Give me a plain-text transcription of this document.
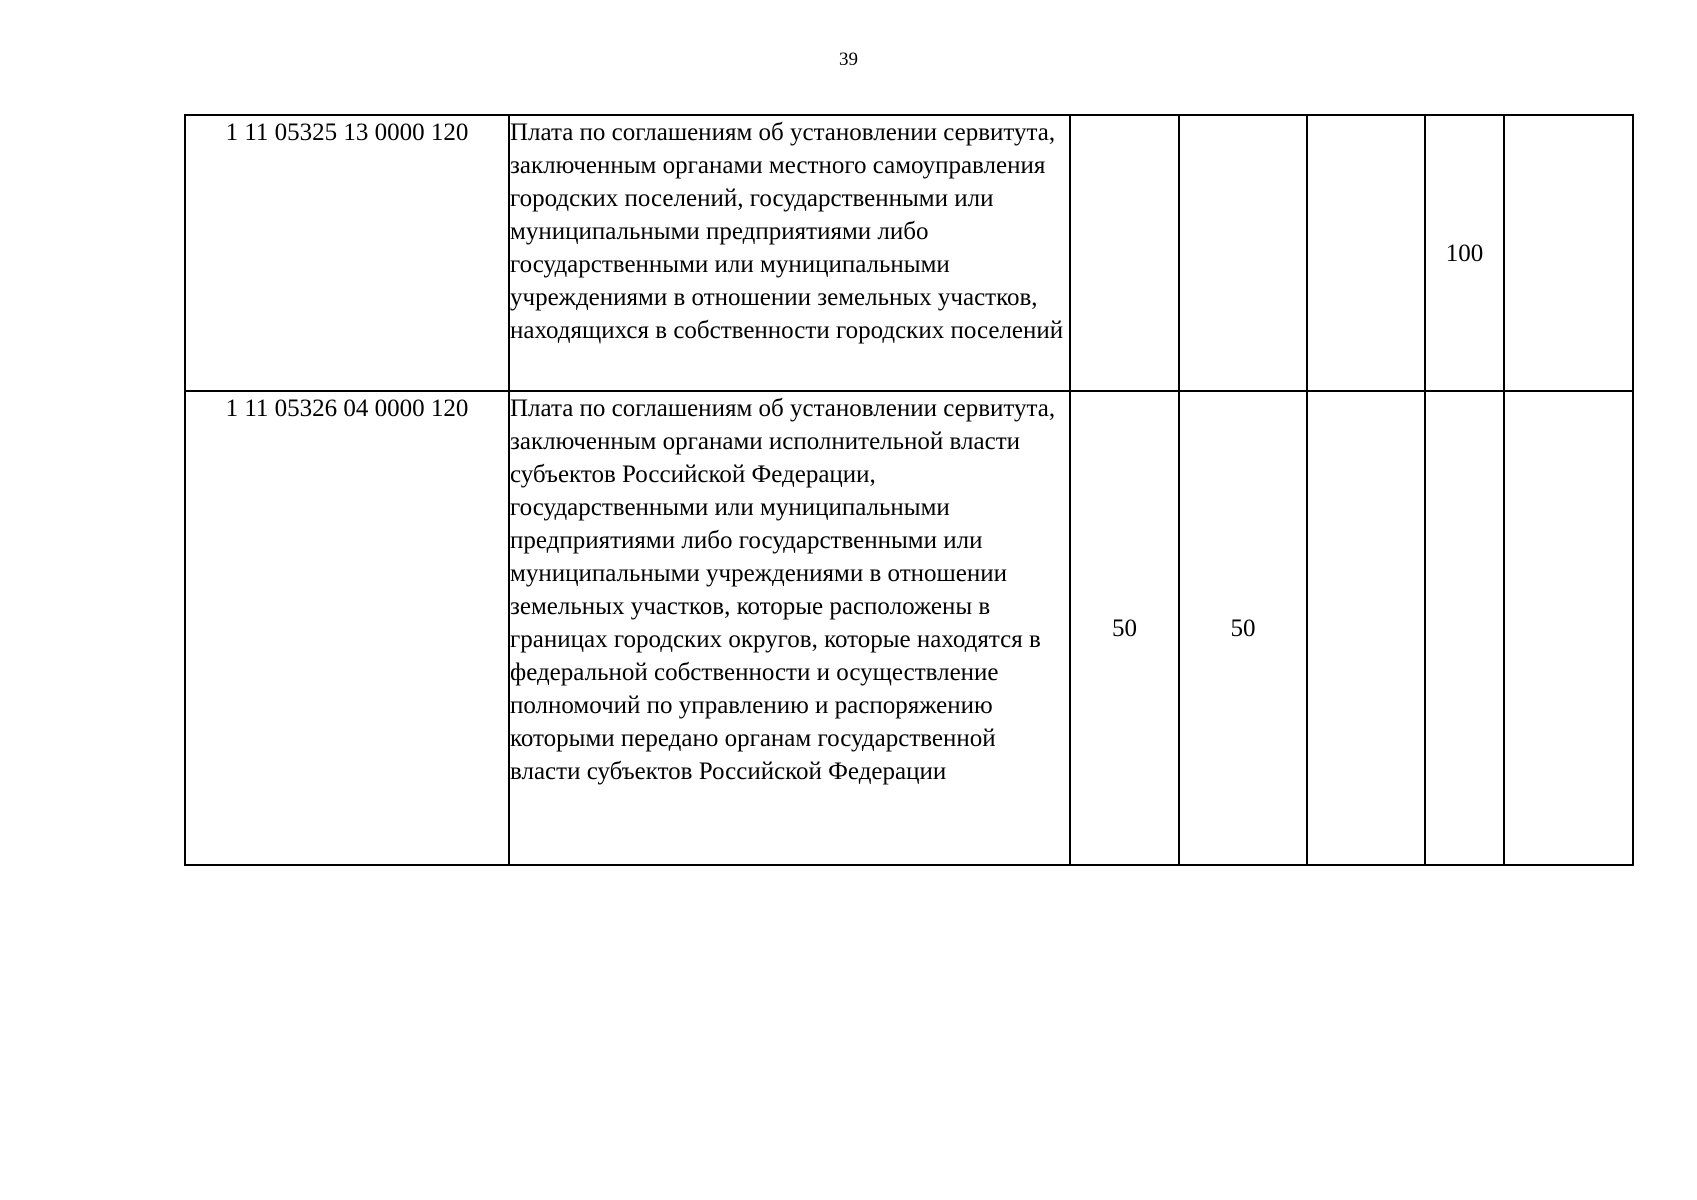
39
1 11 05325 13 0000 120	Плата по соглашениям об установлении сервитута, заключенным органами местного самоуправления городских поселений, государственными или муниципальными предприятиями либо государственными или муниципальными учреждениями в отношении земельных участков, находящихся в собственности городских поселений				100	
1 11 05326 04 0000 120	Плата по соглашениям об установлении сервитута, заключенным органами исполнительной власти субъектов Российской Федерации, государственными или муниципальными предприятиями либо государственными или муниципальными учреждениями в отношении земельных участков, которые расположены в границах городских округов, которые находятся в федеральной собственности и осуществление полномочий по управлению и распоряжению которыми передано органам государственной власти субъектов Российской Федерации	50	50			
